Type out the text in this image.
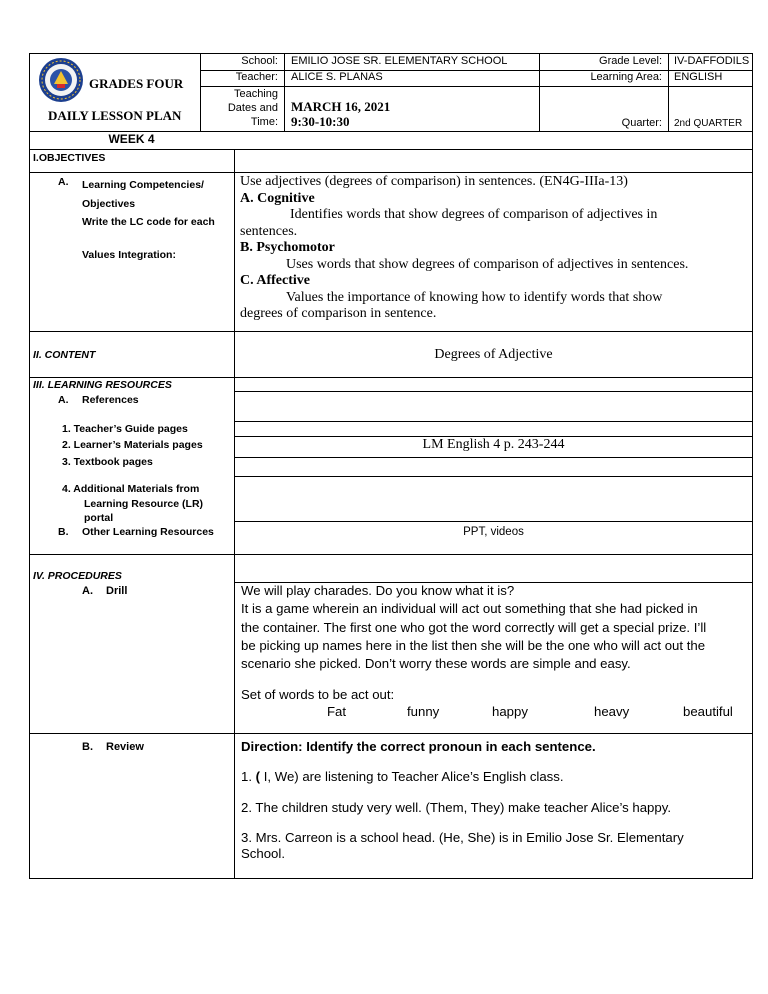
GRADES FOUR
DAILY LESSON PLAN
School: EMILIO JOSE SR. ELEMENTARY SCHOOL
Teacher: ALICE S. PLANAS
Teaching
Dates and
Time:
MARCH 16, 2021
9:30-10:30
Grade Level: IV-DAFFODILS
Learning Area: ENGLISH
Quarter: 2nd QUARTER
WEEK 4
I.OBJECTIVES
A. Learning Competencies/
Objectives
Write the LC code for each
Values Integration:
Use adjectives (degrees of comparison) in sentences. (EN4G-IIIa-13)
A. Cognitive
Identifies words that show degrees of comparison of adjectives in
sentences.
B. Psychomotor
Uses words that show degrees of comparison of adjectives in sentences.
C. Affective
Values the importance of knowing how to identify words that show
degrees of comparison in sentence.
II. CONTENT	Degrees of Adjective
III. LEARNING RESOURCES
A. References
1. Teacher’s Guide pages
2. Learner’s Materials pages	LM English 4 p. 243-244
3. Textbook pages
4. Additional Materials from
Learning Resource (LR)
portal
B. Other Learning Resources	PPT, videos
IV. PROCEDURES
A. Drill	We will play charades. Do you know what it is?
It is a game wherein an individual will act out something that she had picked in
the container. The first one who got the word correctly will get a special prize. I’ll
be picking up names here in the list then she will be the one who will act out the
scenario she picked. Don’t worry these words are simple and easy.
Set of words to be act out:
Fat	funny	happy	heavy	beautiful
B. Review	Direction: Identify the correct pronoun in each sentence.
1. ( I, We) are listening to Teacher Alice’s English class.
2. The children study very well. (Them, They) make teacher Alice’s happy.
3. Mrs. Carreon is a school head. (He, She) is in Emilio Jose Sr. Elementary
School.
